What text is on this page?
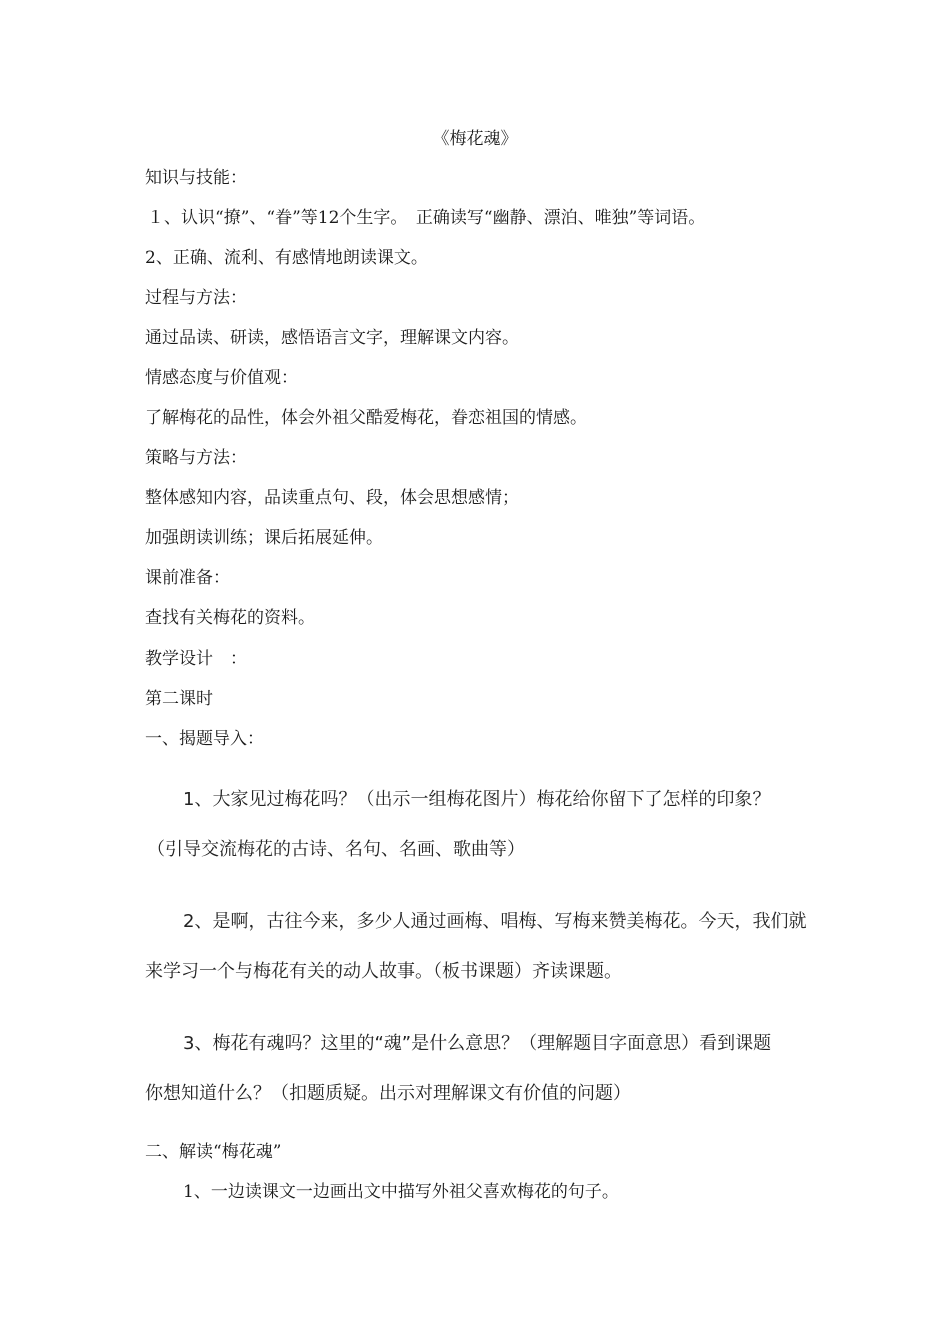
《梅花魂》
知识与技能：
１、认识“撩”、“眷”等12个生字。　正确读写“幽静、漂泊、唯独”等词语。
2、正确、流利、有感情地朗读课文。
过程与方法：
通过品读、研读，感悟语言文字，理解课文内容。
情感态度与价值观：
了解梅花的品性，体会外祖父酷爱梅花，眷恋祖国的情感。
策略与方法：
整体感知内容，品读重点句、段，体会思想感情；
加强朗读训练；课后拓展延伸。
课前准备：
查找有关梅花的资料。
教学设计　：
第二课时
一、揭题导入：
1、大家见过梅花吗？（出示一组梅花图片）梅花给你留下了怎样的印象？
（引导交流梅花的古诗、名句、名画、歌曲等）
2、是啊，古往今来，多少人通过画梅、唱梅、写梅来赞美梅花。今天，我们就
来学习一个与梅花有关的动人故事。（板书课题）齐读课题。
3、梅花有魂吗？这里的“魂”是什么意思？（理解题目字面意思）看到课题
你想知道什么？（扣题质疑。出示对理解课文有价值的问题）
二、解读“梅花魂”
1、一边读课文一边画出文中描写外祖父喜欢梅花的句子。
